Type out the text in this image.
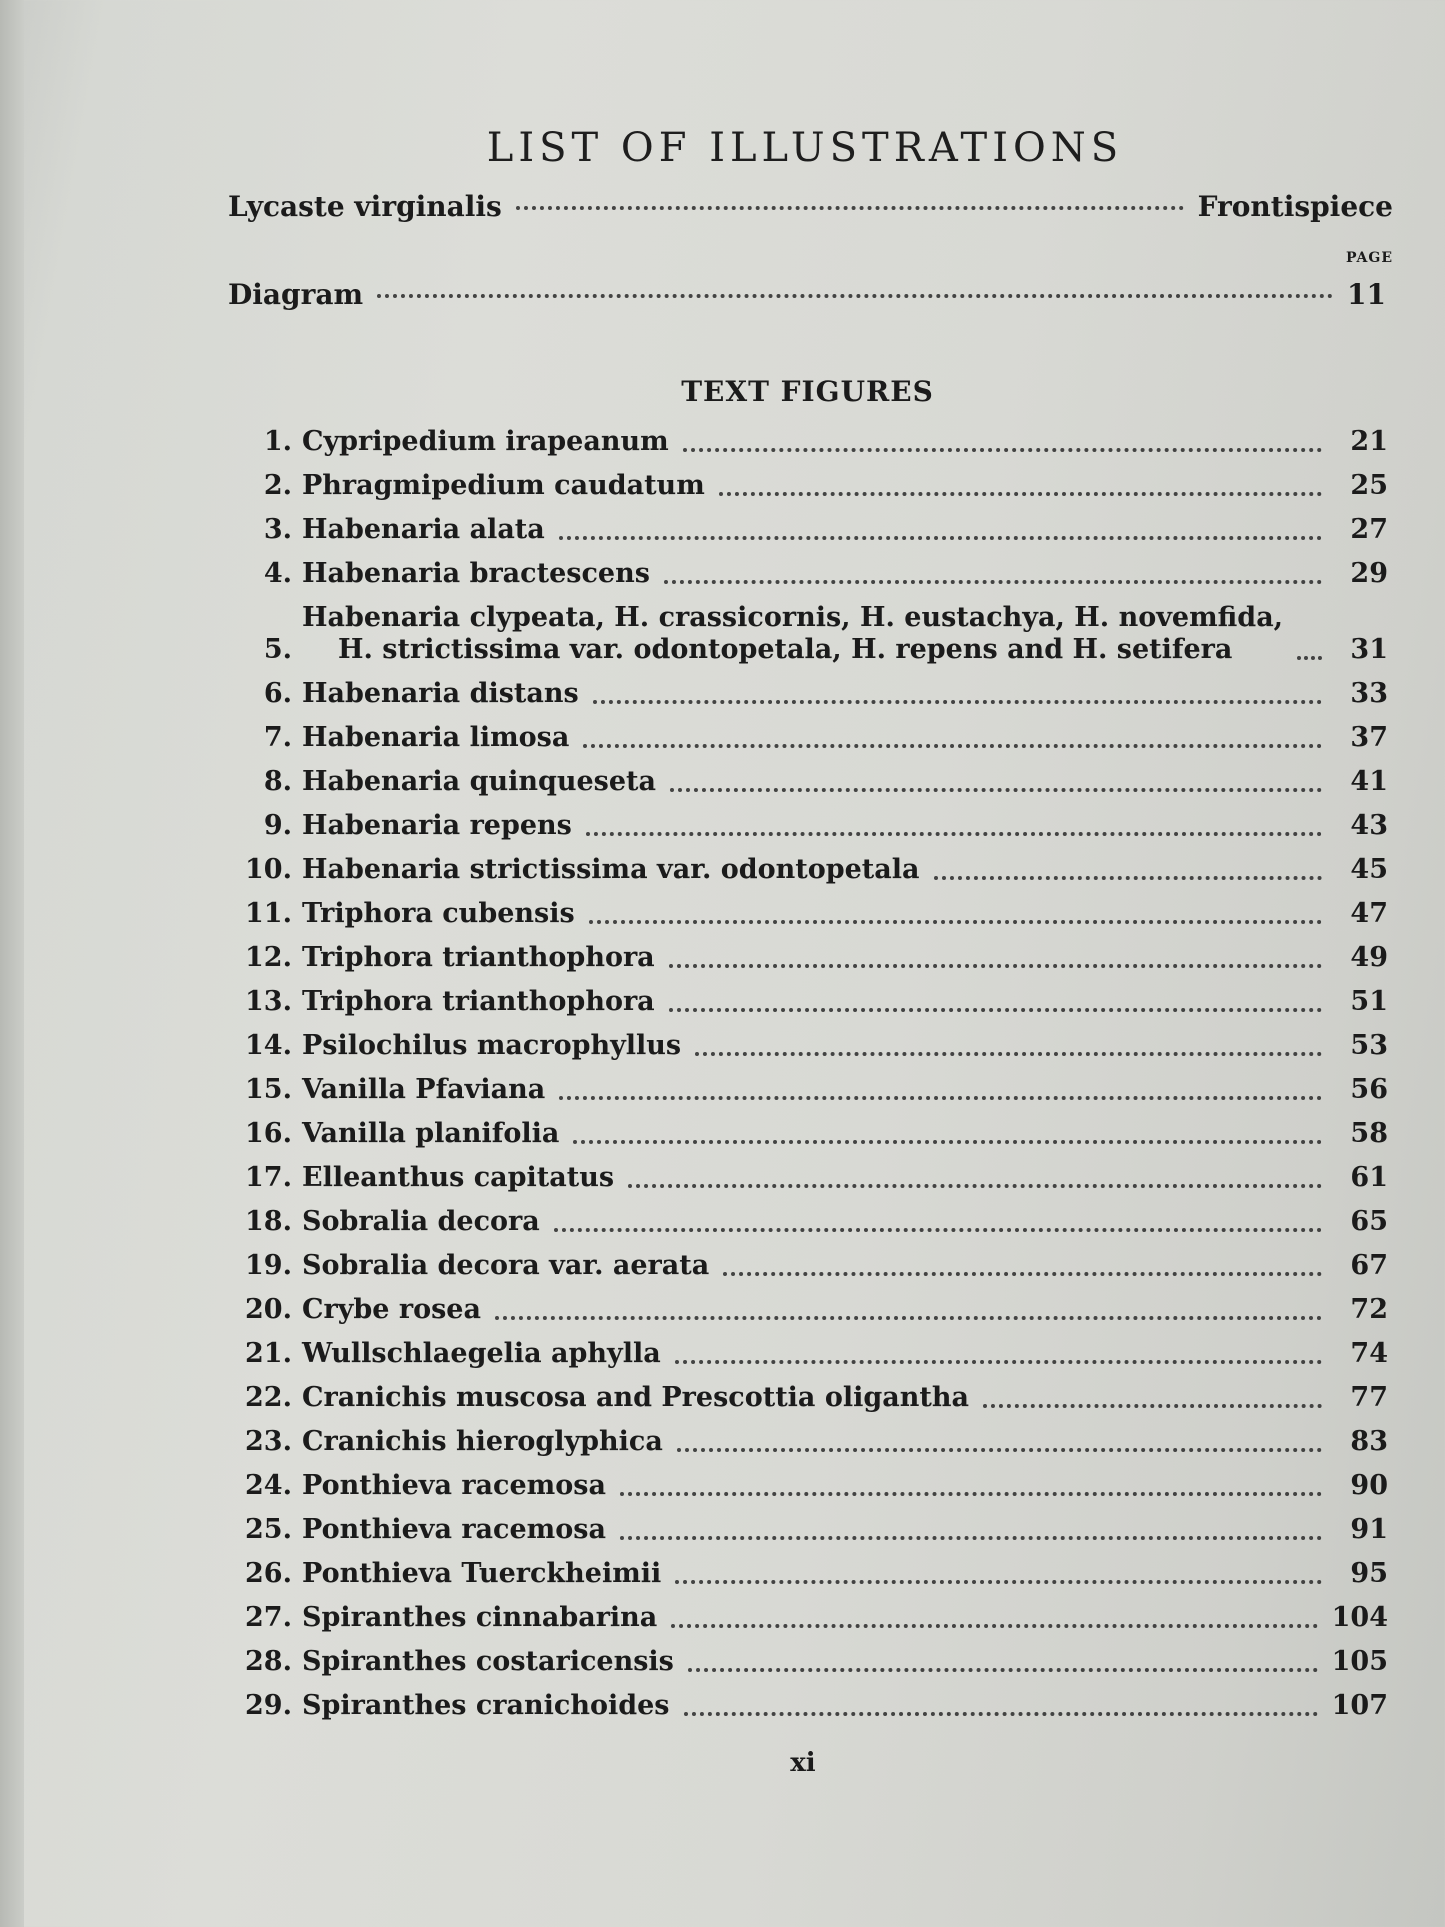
LIST OF ILLUSTRATIONS
Lycaste virginalis	Frontispiece
PAGE
Diagram	11
TEXT FIGURES
1. Cypripedium irapeanum	21
2. Phragmipedium caudatum	25
3. Habenaria alata	27
4. Habenaria bractescens	29
5.
Habenaria clypeata, H. crassicornis, H. eustachya, H. novemfida,
H. strictissima var. odontopetala, H. repens and H. setifera	31
6. Habenaria distans	33
7. Habenaria limosa	37
8. Habenaria quinqueseta	41
9. Habenaria repens	43
10. Habenaria strictissima var. odontopetala	45
11. Triphora cubensis	47
12. Triphora trianthophora	49
13. Triphora trianthophora	51
14. Psilochilus macrophyllus	53
15. Vanilla Pfaviana	56
16. Vanilla planifolia	58
17. Elleanthus capitatus	61
18. Sobralia decora	65
19. Sobralia decora var. aerata	67
20. Crybe rosea	72
21. Wullschlaegelia aphylla	74
22. Cranichis muscosa and Prescottia oligantha	77
23. Cranichis hieroglyphica	83
24. Ponthieva racemosa	90
25. Ponthieva racemosa	91
26. Ponthieva Tuerckheimii	95
27. Spiranthes cinnabarina	104
28. Spiranthes costaricensis	105
29. Spiranthes cranichoides	107
xi
